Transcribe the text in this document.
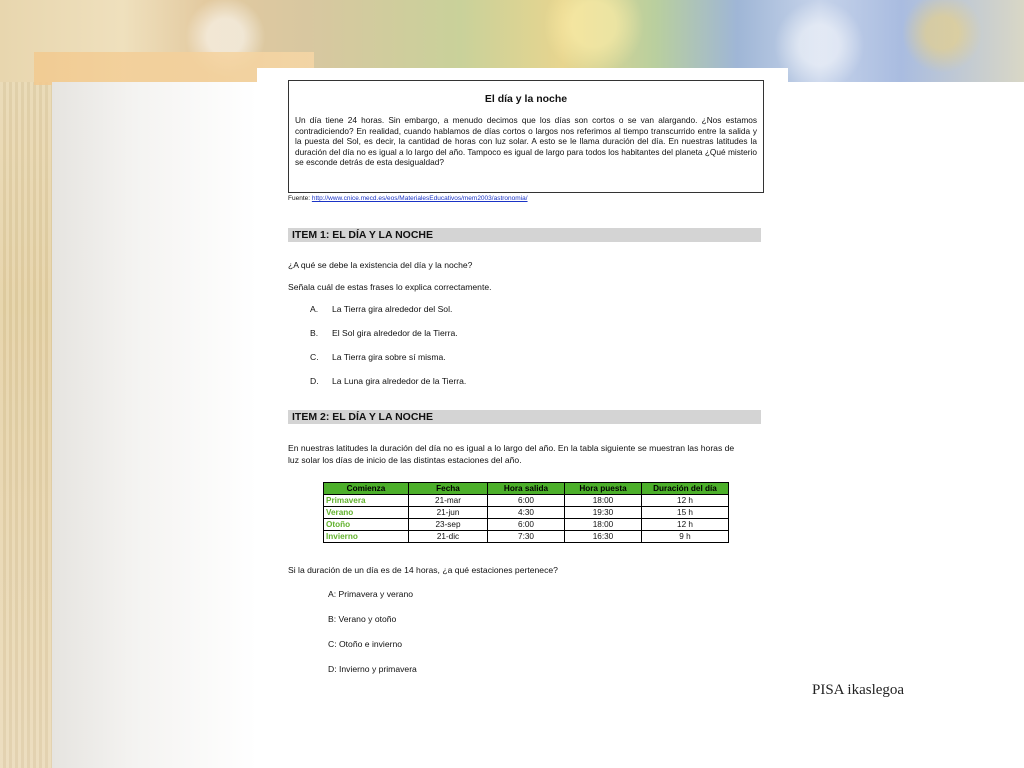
El día y la noche
Un día tiene 24 horas. Sin embargo, a menudo decimos que los días son cortos o se van alargando. ¿Nos estamos contradiciendo? En realidad, cuando hablamos de días cortos o largos nos referimos al tiempo transcurrido entre la salida y la puesta del Sol, es decir, la cantidad de horas con luz solar. A esto se le llama duración del día. En nuestras latitudes la duración del día no es igual a lo largo del año. Tampoco es igual de largo para todos los habitantes del planeta ¿Qué misterio se esconde detrás de esta desigualdad?
Fuente: http://www.cnice.mecd.es/eos/MaterialesEducativos/mem2003/astronomia/
ITEM 1: EL DÍA Y LA NOCHE
¿A qué se debe la existencia del día y la noche?
Señala cuál de estas frases lo explica correctamente.
A. La Tierra gira alrededor del Sol.
B. El Sol gira alrededor de la Tierra.
C. La Tierra gira sobre sí misma.
D. La Luna gira alrededor de la Tierra.
ITEM 2: EL DÍA Y LA NOCHE
En nuestras latitudes la duración del día no es igual a lo largo del año. En la tabla siguiente se muestran las horas de luz solar los días de inicio de las distintas estaciones del año.
Comienza	Fecha	Hora salida	Hora puesta	Duración del día
Primavera	21-mar	6:00	18:00	12 h
Verano	21-jun	4:30	19:30	15 h
Otoño	23-sep	6:00	18:00	12 h
Invierno	21-dic	7:30	16:30	9 h
Si la duración de un día es de 14 horas, ¿a qué estaciones pertenece?
A: Primavera y verano
B: Verano y otoño
C: Otoño e invierno
D: Invierno y primavera
PISA ikaslegoa
